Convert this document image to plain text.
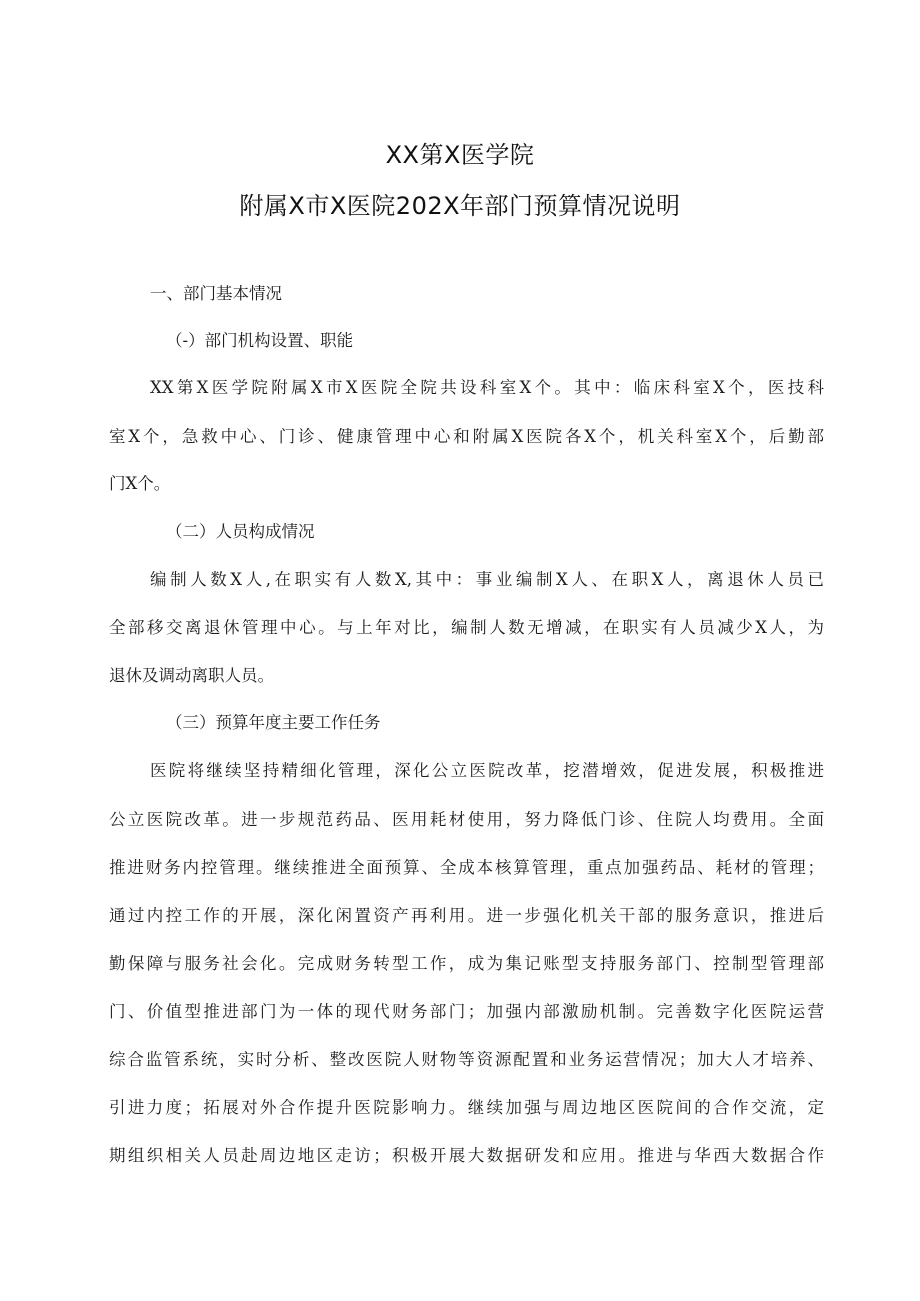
XX第X医学院
附属X市X医院202X年部门预算情况说明
一、部门基本情况
（-）部门机构设置、职能
XX第X医学院附属X市X医院全院共设科室X个。其中：临床科室X个，医技科
室X个，急救中心、门诊、健康管理中心和附属X医院各X个，机关科室X个，后勤部
门X个。
（二）人员构成情况
编制人数X人,在职实有人数X,其中：事业编制X人、在职X人，离退休人员已
全部移交离退休管理中心。与上年对比，编制人数无增减，在职实有人员减少X人，为
退休及调动离职人员。
（三）预算年度主要工作任务
医院将继续坚持精细化管理，深化公立医院改革，挖潜增效，促进发展，积极推进
公立医院改革。进一步规范药品、医用耗材使用，努力降低门诊、住院人均费用。全面
推进财务内控管理。继续推进全面预算、全成本核算管理，重点加强药品、耗材的管理；
通过内控工作的开展，深化闲置资产再利用。进一步强化机关干部的服务意识，推进后
勤保障与服务社会化。完成财务转型工作，成为集记账型支持服务部门、控制型管理部
门、价值型推进部门为一体的现代财务部门；加强内部激励机制。完善数字化医院运营
综合监管系统，实时分析、整改医院人财物等资源配置和业务运营情况；加大人才培养、
引进力度；拓展对外合作提升医院影响力。继续加强与周边地区医院间的合作交流，定
期组织相关人员赴周边地区走访；积极开展大数据研发和应用。推进与华西大数据合作
